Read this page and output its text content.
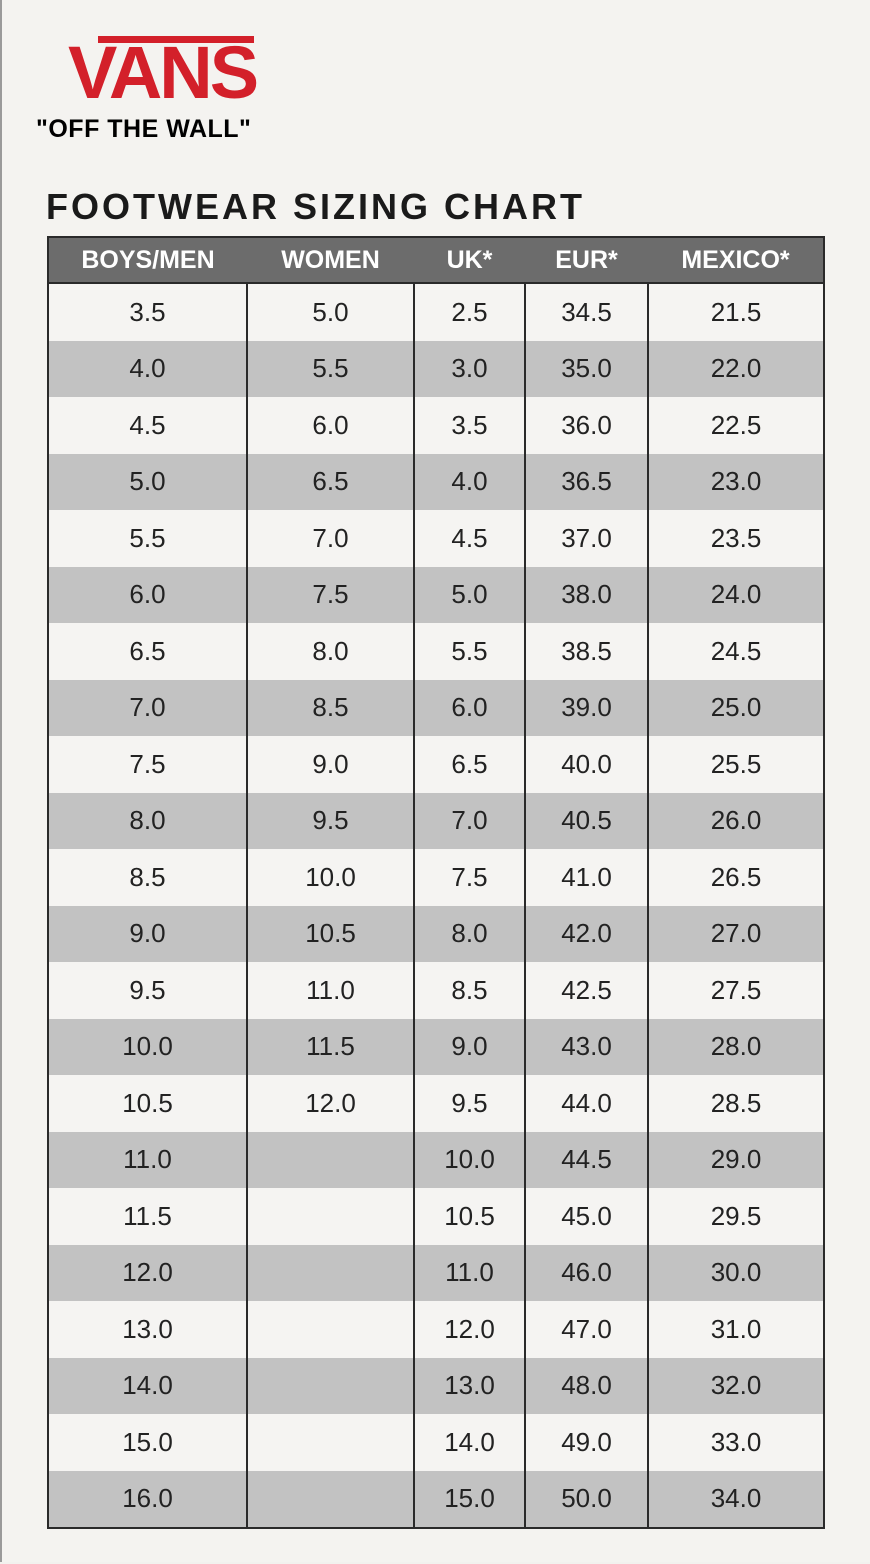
VANS
"OFF THE WALL"
FOOTWEAR SIZING CHART
BOYS/MEN	WOMEN	UK*	EUR*	MEXICO*
3.5	5.0	2.5	34.5	21.5
4.0	5.5	3.0	35.0	22.0
4.5	6.0	3.5	36.0	22.5
5.0	6.5	4.0	36.5	23.0
5.5	7.0	4.5	37.0	23.5
6.0	7.5	5.0	38.0	24.0
6.5	8.0	5.5	38.5	24.5
7.0	8.5	6.0	39.0	25.0
7.5	9.0	6.5	40.0	25.5
8.0	9.5	7.0	40.5	26.0
8.5	10.0	7.5	41.0	26.5
9.0	10.5	8.0	42.0	27.0
9.5	11.0	8.5	42.5	27.5
10.0	11.5	9.0	43.0	28.0
10.5	12.0	9.5	44.0	28.5
11.0		10.0	44.5	29.0
11.5		10.5	45.0	29.5
12.0		11.0	46.0	30.0
13.0		12.0	47.0	31.0
14.0		13.0	48.0	32.0
15.0		14.0	49.0	33.0
16.0		15.0	50.0	34.0
